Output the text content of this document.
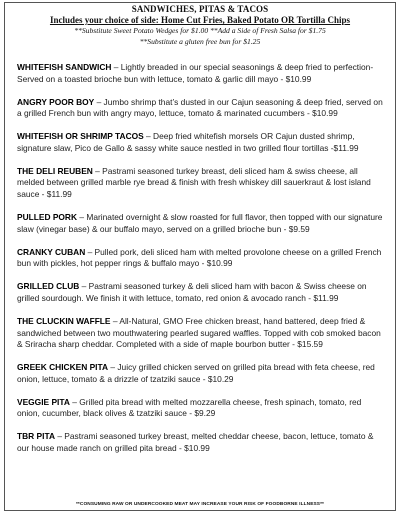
SANDWICHES, PITAS & TACOS
Includes your choice of side: Home Cut Fries, Baked Potato OR Tortilla Chips
**Substitute Sweet Potato Wedges for $1.00 **Add a Side of Fresh Salsa for $1.75
**Substitute a gluten free bun for $1.25

WHITEFISH SANDWICH – Lightly breaded in our special seasonings & deep fried to perfection- Served on a toasted brioche bun with lettuce, tomato & garlic dill mayo - $10.99

ANGRY POOR BOY – Jumbo shrimp that’s dusted in our Cajun seasoning & deep fried, served on a grilled French bun with angry mayo, lettuce, tomato & marinated cucumbers - $10.99

WHITEFISH OR SHRIMP TACOS – Deep fried whitefish morsels OR Cajun dusted shrimp, signature slaw, Pico de Gallo & sassy white sauce nestled in two grilled flour tortillas -$11.99

THE DELI REUBEN – Pastrami seasoned turkey breast, deli sliced ham & swiss cheese, all melded between grilled marble rye bread & finish with fresh whiskey dill sauerkraut & lost island sauce - $11.99

PULLED PORK – Marinated overnight & slow roasted for full flavor, then topped with our signature slaw (vinegar base) & our buffalo mayo, served on a grilled brioche bun - $9.59

CRANKY CUBAN – Pulled pork, deli sliced ham with melted provolone cheese on a grilled French bun with pickles, hot pepper rings & buffalo mayo - $10.99

GRILLED CLUB – Pastrami seasoned turkey & deli sliced ham with bacon & Swiss cheese on grilled sourdough. We finish it with lettuce, tomato, red onion & avocado ranch - $11.99

THE CLUCKIN WAFFLE – All-Natural, GMO Free chicken breast, hand battered, deep fried & sandwiched between two mouthwatering pearled sugared waffles. Topped with cob smoked bacon & Sriracha sharp cheddar. Completed with a side of maple bourbon butter - $15.59

GREEK CHICKEN PITA – Juicy grilled chicken served on grilled pita bread with feta cheese, red onion, lettuce, tomato & a drizzle of tzatziki sauce - $10.29

VEGGIE PITA – Grilled pita bread with melted mozzarella cheese, fresh spinach, tomato, red onion, cucumber, black olives & tzatziki sauce - $9.29

TBR PITA – Pastrami seasoned turkey breast, melted cheddar cheese, bacon, lettuce, tomato & our house made ranch on grilled pita bread - $10.99

**CONSUMING RAW OR UNDERCOOKED MEAT MAY INCREASE YOUR RISK OF FOODBORNE ILLNESS**
